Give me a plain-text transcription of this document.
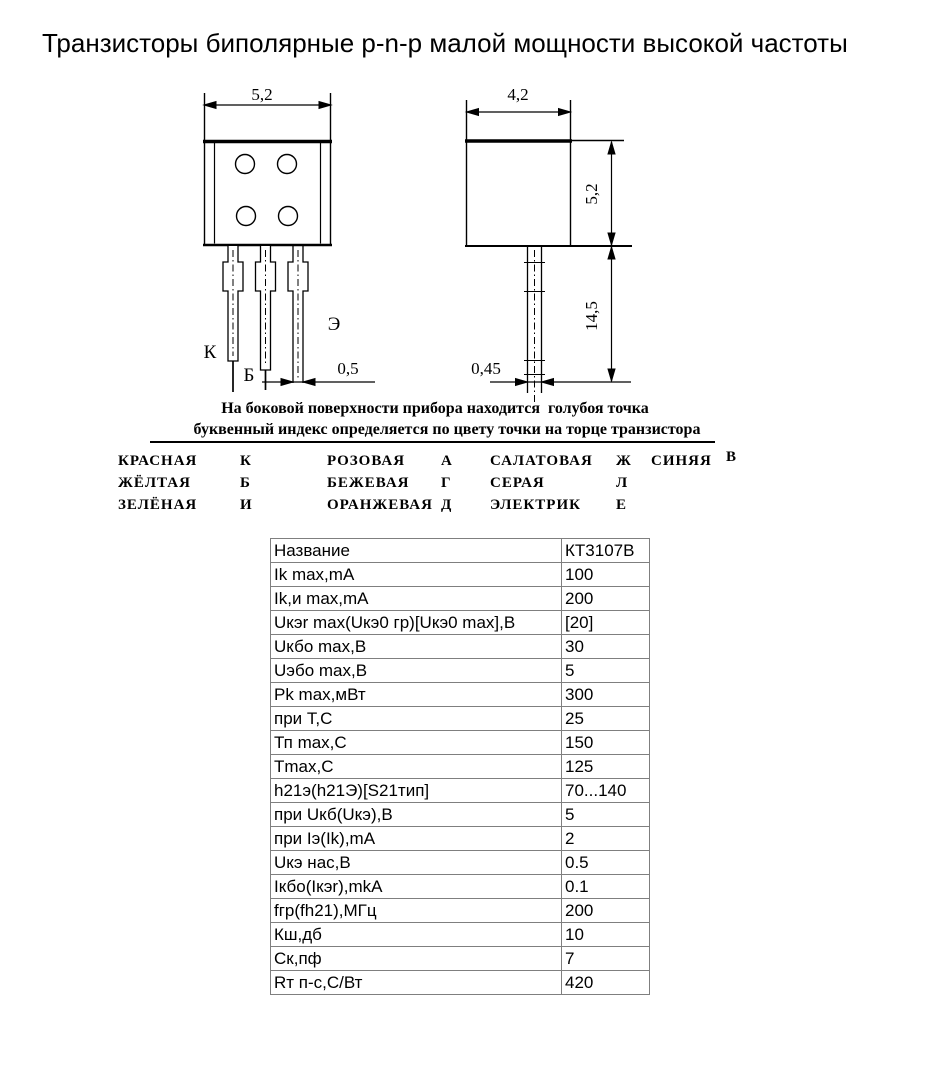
Транзисторы биполярные p-n-p малой мощности высокой частоты
5,2
К
Б
Э
0,5
4,2
5,2
14,5
0,45
На боковой поверхности прибора находится  голубоя точка
буквенный индекс определяется по цвету точки на торце транзистора
КРАСНАЯ	К	РОЗОВАЯ А САЛАТОВАЯ Ж СИНЯЯ В
ЖЁЛТАЯ	Б	БЕЖЕВАЯ Г	СЕРАЯ	Л
ЗЕЛЁНАЯ	И	ОРАНЖЕВАЯ Д	ЭЛЕКТРИК Е
Название	КТ3107В
Ik max,mA	100
Ik,и max,mA	200
Uкэr max(Uкэ0 гр)[Uкэ0 max],В	[20]
Uкбо max,В	30
Uэбо max,В	5
Pk max,мВт	300
при Т,С	25
Тп max,С	150
Tmax,С	125
h21э(h21Э)[S21тип]	70...140
при Uкб(Uкэ),В	5
при Iэ(Ik),mA	2
Uкэ нас,В	0.5
Iкбо(Iкэr),mkA	0.1
fгр(fh21),МГц	200
Кш,дб	10
Ск,пф	7
Rт п-с,С/Вт	420
